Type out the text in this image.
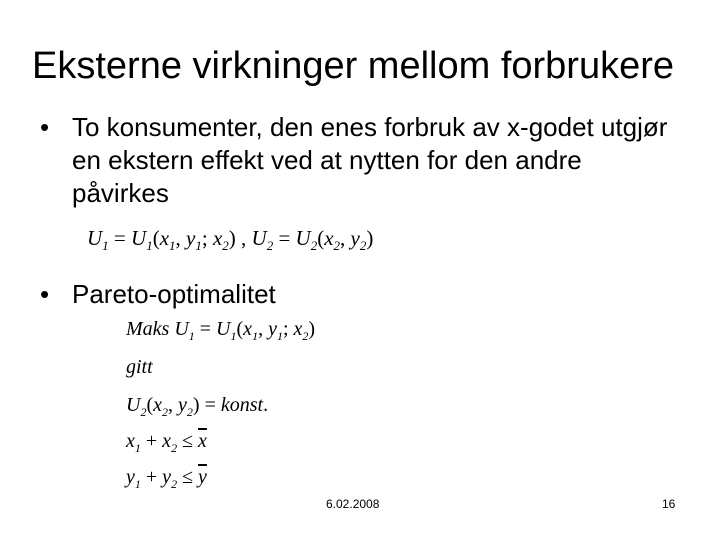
Eksterne virkninger mellom forbrukere
• To konsumenter, den enes forbruk av x-godet utgjør en ekstern effekt ved at nytten for den andre påvirkes
$U_1 = U_1(x_1$, $y_1$; $x_2$) , $U_2 = U_2(x_2$, $y_2$)
• Pareto-optimalitet
Maks $U_1 = U_1(x_1$, $y_1$; $x_2$)
gitt
$U_2(x_2$, $y_2$) = konst.
$x_1 + x_2 \le \overline{x}$
$y_1 + y_2 \le \overline{y}$
6.02.2008	16
